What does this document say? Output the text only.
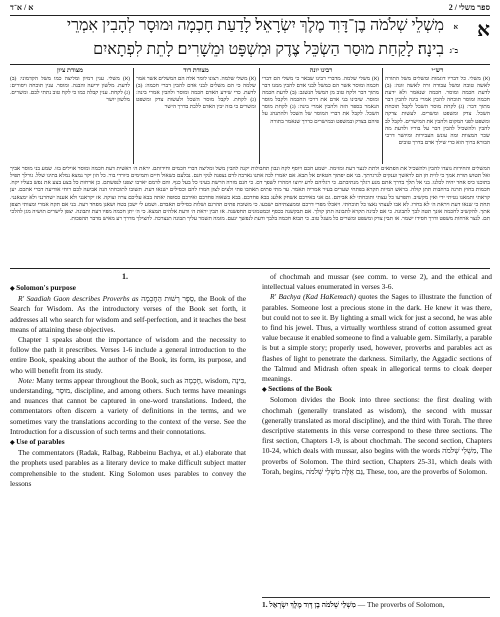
א / א־ד	ספר משלי / 2
א
א
ב־ג
מִשְׁלֵי שְׁלֹמֹה בֶן־דָּוִד מֶלֶךְ יִשְׂרָאֵל׃ לָדַעַת חָכְמָה וּמוּסָר לְהָבִין אִמְרֵי
בִינָה׃ לָקַחַת מוּסַר הַשְׂכֵּל צֶדֶק וּמִשְׁפָּט וּמֵשָׁרִים׃ לָתֵת לִפְתָאיִם
רש״י
רבינו יונה
מצודת דוד
מצודת ציון
(א) משלי. כל דבריו דוגמות ומשלים משל התורה לאשה טובה ומשל עבודה זרה לאשה זונה: (ב) לדעת חכמה ומוסר. חכמה שנאמר ולא ידעת חכמה ומוסר תוכחה להבין אמרי בינה להבין דבר מתוך דבר: (ג) לקחת מוסר השכל לקבל תוכחת השכל. צדק ומשפט ומשרים. לעשות צדקה ומשפט לפני המקום ולהבין את המישרים. לקבל לב להבין ולהשכיל להבין דבר על בוריו ולדעת מה שכר המצוות ומה עונש העבירות ומיושר דרכי הבורא ברוך הוא כדי שילך אדם בדרך טובים
(א) משלי שלמה. מדברי רבינו שבאר כי משלי הם דברי חכמה ומוסר אשר הם כמשל לבני אדם להבין ממנו דבר מתוך דבר ולקח טוב מן המשל הנשגב: (ב) לדעת חכמה ומוסר. שיבינו בני אדם את דרכי החכמה ולקבל מוסר הנאמר בספר הזה ולהבין אמרי בינה: (ג) לקחת מוסר השכל. לקבל את דברי המוסר של השכל ולהתנהג על פיהם בצדק ובמשפט ובמישרים כדרך שנאמר בתורה
(א) משלי שלמה. רצונו לומר אלה הם המשלים אשר אמר שלמה כי הם משלים לבני אדם להבין דברי חכמה: (ב) לדעת. כדי שידע האדם חכמה ומוסר ולהבין אמרי בינה: (ג) לקחת. לקבל מוסר השכל ולעשות צדק ומשפט ומשרים כי בזה יבין האדם ללכת בדרך הישר
(א) משלי. ענין דמיון ומליצה כמו משל הקדמוני: (ב) לדעת. מלשון ידיעה והבנה. ומוסר. ענין תוכחה ויסורים: (ג) לקחת. ענין קבלה כמו כי לקח טוב נתתי לכם. ומשרים. מלשון יושר
המשלים והחידות נועדו להבין ולהשכיל את הפתאים ולתת לנער דעת ומזימה. ישמע חכם ויוסף לקח ונבון תחבולות יקנה להבין משל ומליצה דברי חכמים וחידותם. יראת ה׳ ראשית דעת חכמה ומוסר אוילים בזו. שמע בני מוסר אביך ואל תטוש תורת אמך כי לוית חן הם לראשך וענקים לגרגרתך. בני אם יפתוך חטאים אל תבא. אם יאמרו לכה אתנו נארבה לדם נצפנה לנקי חנם. נבלעם כשאול חיים ותמימים כיורדי בור. כל הון יקר נמצא נמלא בתינו שלל. גורלך תפיל בתוכנו כיס אחד יהיה לכלנו. בני אל תלך בדרך אתם מנע רגלך מנתיבתם. כי רגליהם לרע ירוצו וימהרו לשפך דם. כי חנם מזרה הרשת בעיני כל בעל כנף. והם לדמם יארבו יצפנו לנפשתם. כן ארחות כל בצע בצע את נפש בעליו יקח. חכמות בחוץ תרנה ברחבות תתן קולה. בראש המיות תקרא בפתחי שערים בעיר אמריה תאמר. עד מתי פתים תאהבו פתי ולצים לצון חמדו להם וכסילים ישנאו דעת. תשובו לתוכחתי הנה אביעה לכם רוחי אודיעה דברי אתכם. יען קראתי ותמאנו נטיתי ידי ואין מקשיב. ותפרעו כל עצתי ותוכחתי לא אביתם. גם אני באידכם אשחק אלעג בבא פחדכם. בבא כשאוה פחדכם ואידכם כסופה יאתה בבא עליכם צרה וצוקה. אז יקראנני ולא אענה ישחרנני ולא ימצאנני. תחת כי שנאו דעת ויראת ה׳ לא בחרו. לא אבו לעצתי נאצו כל תוכחתי. ויאכלו מפרי דרכם וממעצתיהם ישבעו. כי משובת פתים תהרגם ושלות כסילים תאבדם. ושמע לי ישכן בטח ושאנן מפחד רעה. בני אם תקח אמרי ומצותי תצפן אתך. להקשיב לחכמה אזנך תטה לבך לתבונה. כי אם לבינה תקרא לתבונה תתן קולך. אם תבקשנה ככסף וכמטמונים תחפשנה. אז תבין יראת ה׳ ודעת אלהים תמצא. כי ה׳ יתן חכמה מפיו דעת ותבונה. יצפן לישרים תושיה מגן להלכי תם. לנצר ארחות משפט ודרך חסידו ישמר. אז תבין צדק ומשפט ומשרים כל מעגל טוב. כי תבוא חכמה בלבך ודעת לנפשך ינעם. מזמה תשמר עליך תבונה תנצרכה. להצילך מדרך רע מאיש מדבר תהפכות.
1.

◆ Solomon's purpose

R' Saadiah Gaon describes Proverbs as סֵפֶר רְשׁוּת הַחָכְמָה, the Book of the Search for Wisdom. As the introductory verses of the Book set forth, it addresses all who search for wisdom and self-perfection, and it teaches the best means of attaining these objectives.

Chapter 1 speaks about the importance of wisdom and the necessity to follow the path it prescribes. Verses 1-6 include a general introduction to the entire Book, speaking about the author of the Book, its form, its purpose, and who will benefit from its study.

Note: Many terms appear throughout the Book, such as חָכְמָה, wisdom, בִּינָה, understanding, מוּסָר, discipline, and among others. Such terms have meanings and nuances that cannot be captured in one-word translations. Indeed, the commentators often discern a variety of definitions in the terms, and we sometimes vary the translations according to the context of the verse. See the Introduction for a discussion of such terms and their connotations.

◆ Use of parables

The commentators (Radak, Ralbag, Rabbeinu Bachya, et al.) elaborate that the prophets used parables as a literary device to make difficult subject matter comprehensible to the student. King Solomon uses parables to convey the lessons

of chochmah and mussar (see comm. to verse 2), and the ethical and intellectual values enumerated in verses 3-6.

R' Bachya (Kad HaKemach) quotes the Sages to illustrate the function of parables. Someone lost a precious stone in the dark. He knew it was there, but could not to see it. By lighting a small wick for just a second, he was able to find his jewel. Thus, a virtually worthless strand of cotton assumed great value because it enabled someone to find a valuable gem. Similarly, a parable is but a simple story; properly used, however, proverbs and parables act as flashes of light to penetrate the darkness. Similarly, the Aggadic sections of the Talmud and Midrash often speak in allegorical terms to cloak deeper meanings.

◆ Sections of the Book

Solomon divides the Book into three sections: the first dealing with chochmah (generally translated as wisdom), the second with mussar (generally translated as moral discipline), and the third with Torah. The three descriptive statements in this verse correspond to these three sections. The first section, Chapters 1-9, is about chochmah. The second section, Chapters 10-24, which deals with mussar, also begins with the words מִשְׁלֵי שְׁלֹמֹה, The proverbs of Solomon. The third section, Chapters 25-31, which deals with Torah, begins, גַּם אֵלֶּה מִשְׁלֵי שְׁלֹמֹה, These, too, are the proverbs of Solomon.

1. מִשְׁלֵי שְׁלֹמֹה בֶן דָּוִד מֶלֶךְ יִשְׂרָאֵל — The proverbs of Solomon,
